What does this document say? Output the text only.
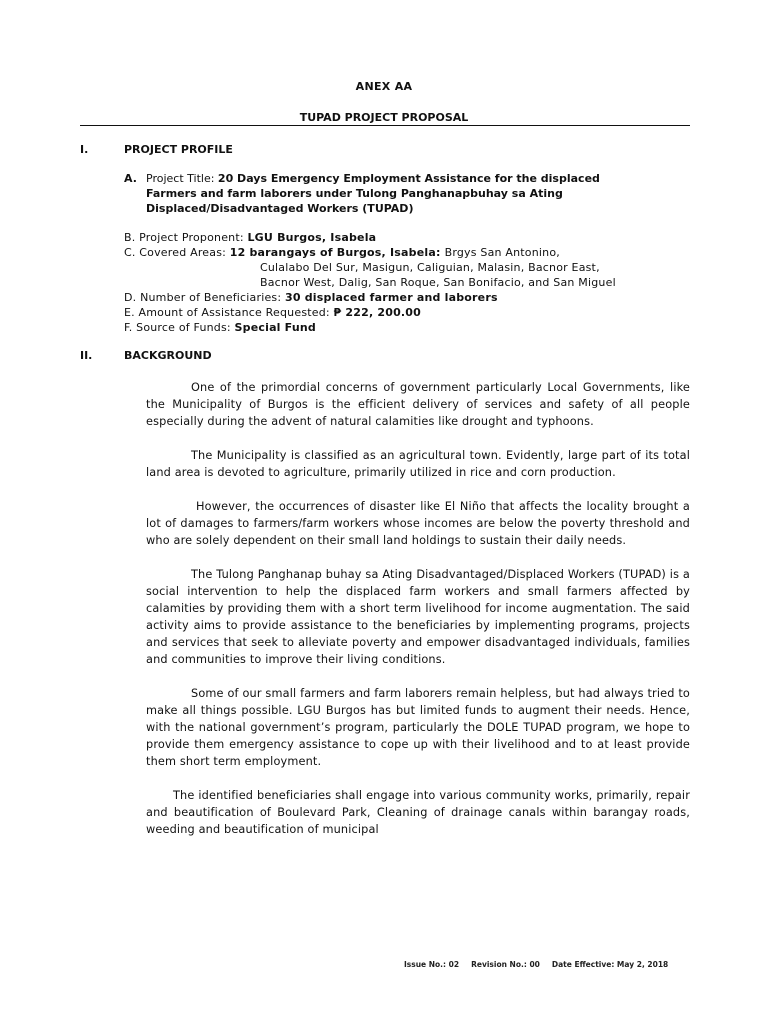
ANEX AA
TUPAD PROJECT PROPOSAL
I.	PROJECT PROFILE
A. Project Title: 20 Days Emergency Employment Assistance for the displaced
Farmers and farm laborers under Tulong Panghanapbuhay sa Ating
Displaced/Disadvantaged Workers (TUPAD)
B. Project Proponent: LGU Burgos, Isabela
C. Covered Areas: 12 barangays of Burgos, Isabela: Brgys San Antonino,
Culalabo Del Sur, Masigun, Caliguian, Malasin, Bacnor East,
Bacnor West, Dalig, San Roque, San Bonifacio, and San Miguel
D. Number of Beneficiaries: 30 displaced farmer and laborers
E. Amount of Assistance Requested: ₱ 222, 200.00
F. Source of Funds: Special Fund
II.	BACKGROUND

One of the primordial concerns of government particularly Local Governments, like the Municipality of Burgos is the efficient delivery of services and safety of all people especially during the advent of natural calamities like drought and typhoons.

The Municipality is classified as an agricultural town. Evidently, large part of its total land area is devoted to agriculture, primarily utilized in rice and corn production.

However, the occurrences of disaster like El Niño that affects the locality brought a lot of damages to farmers/farm workers whose incomes are below the poverty threshold and who are solely dependent on their small land holdings to sustain their daily needs.

The Tulong Panghanap buhay sa Ating Disadvantaged/Displaced Workers (TUPAD) is a social intervention to help the displaced farm workers and small farmers affected by calamities by providing them with a short term livelihood for income augmentation. The said activity aims to provide assistance to the beneficiaries by implementing programs, projects and services that seek to alleviate poverty and empower disadvantaged individuals, families and communities to improve their living conditions.

Some of our small farmers and farm laborers remain helpless, but had always tried to make all things possible. LGU Burgos has but limited funds to augment their needs. Hence, with the national government’s program, particularly the DOLE TUPAD program, we hope to provide them emergency assistance to cope up with their livelihood and to at least provide them short term employment.

The identified beneficiaries shall engage into various community works, primarily, repair and beautification of Boulevard Park, Cleaning of drainage canals within barangay roads, weeding and beautification of municipal

Issue No.: 02 Revision No.: 00 Date Effective: May 2, 2018
